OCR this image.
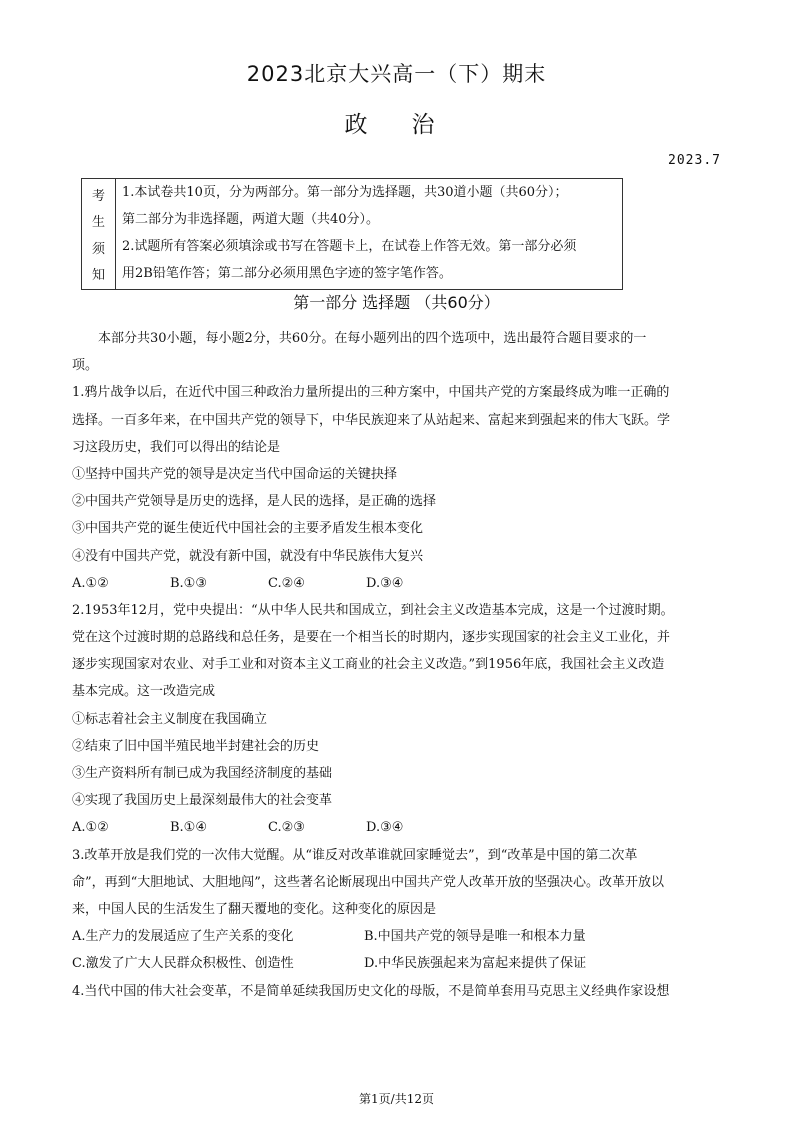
2023北京大兴高一（下）期末
政治
2023.7
考
生
须
知
1.本试卷共10页，分为两部分。第一部分为选择题，共30道小题（共60分）；
第二部分为非选择题，两道大题（共40分）。
2.试题所有答案必须填涂或书写在答题卡上，在试卷上作答无效。第一部分必须
用2B铅笔作答；第二部分必须用黑色字迹的签字笔作答。
第一部分 选择题 （共60分）
本部分共30小题，每小题2分，共60分。在每小题列出的四个选项中，选出最符合题目要求的一
项。
1.鸦片战争以后，在近代中国三种政治力量所提出的三种方案中，中国共产党的方案最终成为唯一正确的
选择。一百多年来，在中国共产党的领导下，中华民族迎来了从站起来、富起来到强起来的伟大飞跃。学
习这段历史，我们可以得出的结论是
①坚持中国共产党的领导是决定当代中国命运的关键抉择
②中国共产党领导是历史的选择，是人民的选择，是正确的选择
③中国共产党的诞生使近代中国社会的主要矛盾发生根本变化
④没有中国共产党，就没有新中国，就没有中华民族伟大复兴
A.①②	B.①③	C.②④	D.③④
2.1953年12月，党中央提出：“从中华人民共和国成立，到社会主义改造基本完成，这是一个过渡时期。
党在这个过渡时期的总路线和总任务，是要在一个相当长的时期内，逐步实现国家的社会主义工业化，并
逐步实现国家对农业、对手工业和对资本主义工商业的社会主义改造。”到1956年底，我国社会主义改造
基本完成。这一改造完成
①标志着社会主义制度在我国确立
②结束了旧中国半殖民地半封建社会的历史
③生产资料所有制已成为我国经济制度的基础
④实现了我国历史上最深刻最伟大的社会变革
A.①②	B.①④	C.②③	D.③④
3.改革开放是我们党的一次伟大觉醒。从“谁反对改革谁就回家睡觉去”，到“改革是中国的第二次革
命”，再到“大胆地试、大胆地闯”，这些著名论断展现出中国共产党人改革开放的坚强决心。改革开放以
来，中国人民的生活发生了翻天覆地的变化。这种变化的原因是
A.生产力的发展适应了生产关系的变化	B.中国共产党的领导是唯一和根本力量
C.激发了广大人民群众积极性、创造性	D.中华民族强起来为富起来提供了保证
4.当代中国的伟大社会变革，不是简单延续我国历史文化的母版，不是简单套用马克思主义经典作家设想
第1页/共12页
